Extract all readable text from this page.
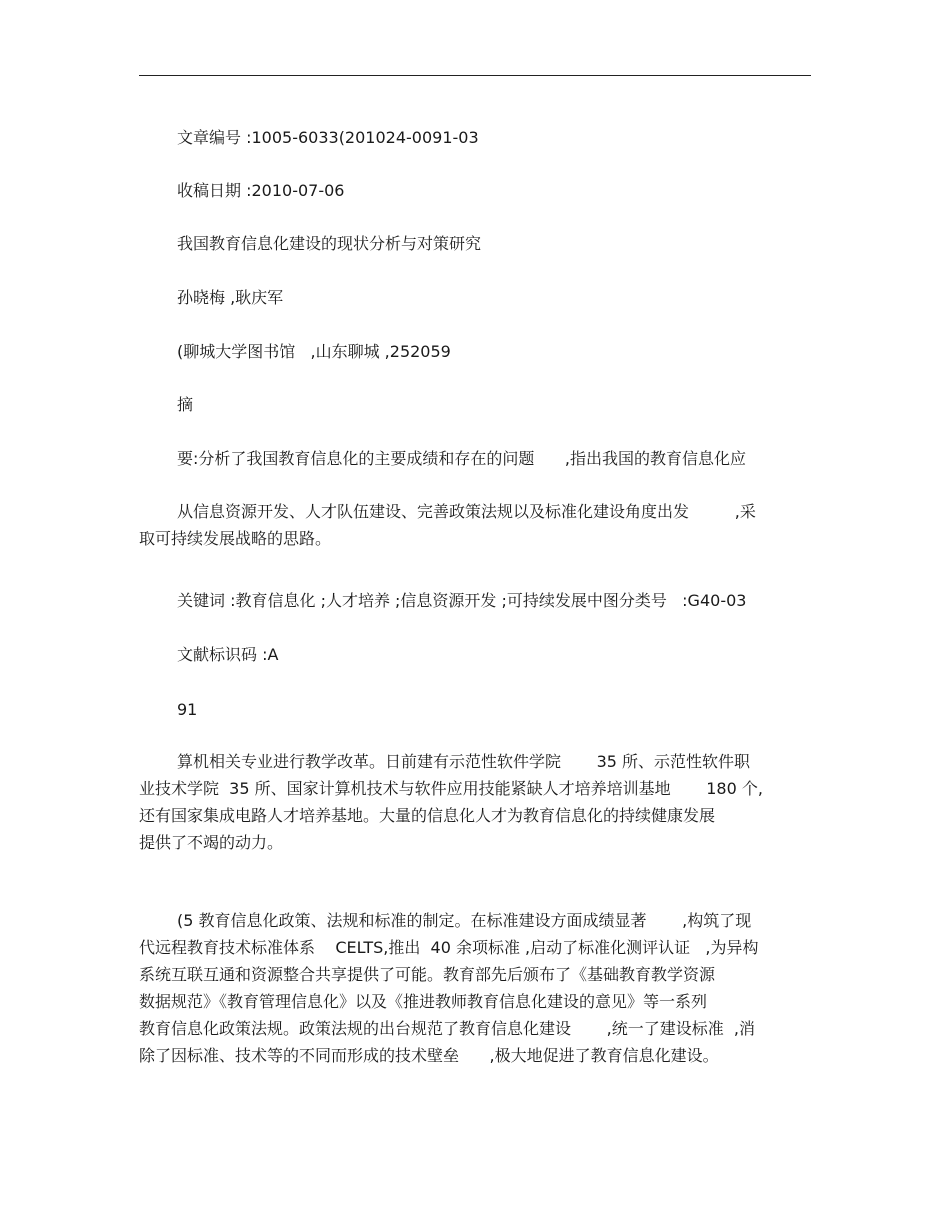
文章编号 :1005-6033(201024-0091-03

收稿日期 :2010-07-06

我国教育信息化建设的现状分析与对策研究

孙晓梅 ,耿庆军

(聊城大学图书馆   ,山东聊城 ,252059

摘

要:分析了我国教育信息化的主要成绩和存在的问题      ,指出我国的教育信息化应

从信息资源开发、人才队伍建设、完善政策法规以及标准化建设角度出发         ,采

取可持续发展战略的思路。

关键词 :教育信息化 ;人才培养 ;信息资源开发 ;可持续发展中图分类号   :G40-03

文献标识码 :A

91

算机相关专业进行教学改革。日前建有示范性软件学院       35 所、示范性软件职

业技术学院  35 所、国家计算机技术与软件应用技能紧缺人才培养培训基地       180 个,

还有国家集成电路人才培养基地。大量的信息化人才为教育信息化的持续健康发展

提供了不竭的动力。

(5 教育信息化政策、法规和标准的制定。在标准建设方面成绩显著       ,构筑了现

代远程教育技术标准体系    CELTS,推出  40 余项标准 ,启动了标准化测评认证   ,为异构

系统互联互通和资源整合共享提供了可能。教育部先后颁布了《基础教育教学资源

数据规范》《教育管理信息化》以及《推进教师教育信息化建设的意见》等一系列

教育信息化政策法规。政策法规的出台规范了教育信息化建设       ,统一了建设标准  ,消

除了因标准、技术等的不同而形成的技术壁垒      ,极大地促进了教育信息化建设。
